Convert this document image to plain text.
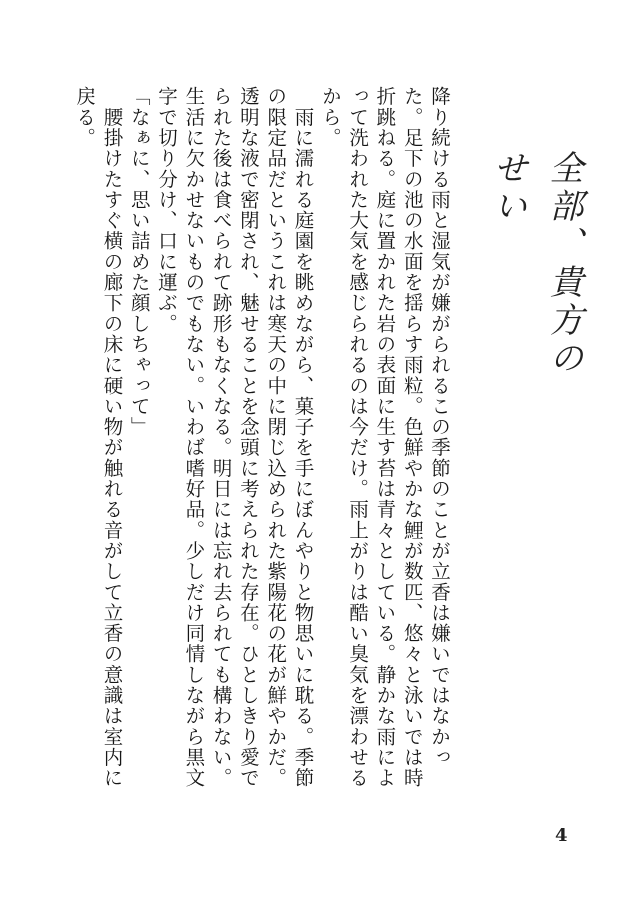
全部、貴方のせい

降り続ける雨と湿気が嫌がられるこの季節のことが立香は嫌いではなかった。足下の池の水面を揺らす雨粒。色鮮やかな鯉が数匹、悠々と泳いでは時折跳ねる。庭に置かれた岩の表面に生す苔は青々としている。静かな雨によって洗われた大気を感じられるのは今だけ。雨上がりは酷い臭気を漂わせるから。

　雨に濡れる庭園を眺めながら、菓子を手にぼんやりと物思いに耽る。季節の限定品だというこれは寒天の中に閉じ込められた紫陽花の花が鮮やかだ。透明な液で密閉され、魅せることを念頭に考えられた存在。ひとしきり愛でられた後は食べられて跡形もなくなる。明日には忘れ去られても構わない。生活に欠かせないものでもない。いわば嗜好品。少しだけ同情しながら黒文字で切り分け、口に運ぶ。

「なぁに、思い詰めた顔しちゃって」

　腰掛けたすぐ横の廊下の床に硬い物が触れる音がして立香の意識は室内に戻る。

4
